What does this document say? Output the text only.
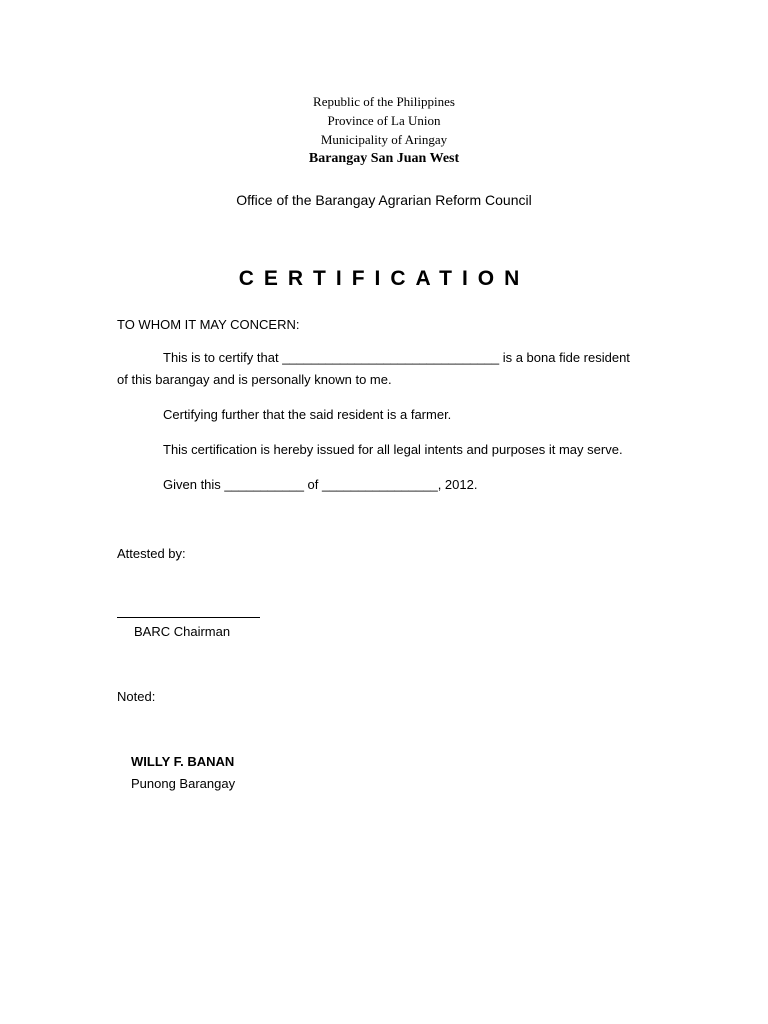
Republic of the Philippines
Province of La Union
Municipality of Aringay
Barangay San Juan West
Office of the Barangay Agrarian Reform Council
CERTIFICATION
TO WHOM IT MAY CONCERN:
This is to certify that ______________________________ is a bona fide resident
of this barangay and is personally known to me.
Certifying further that the said resident is a farmer.
This certification is hereby issued for all legal intents and purposes it may serve.
Given this ___________ of ________________, 2012.
Attested by:
BARC Chairman
Noted:
WILLY F. BANAN
Punong Barangay
